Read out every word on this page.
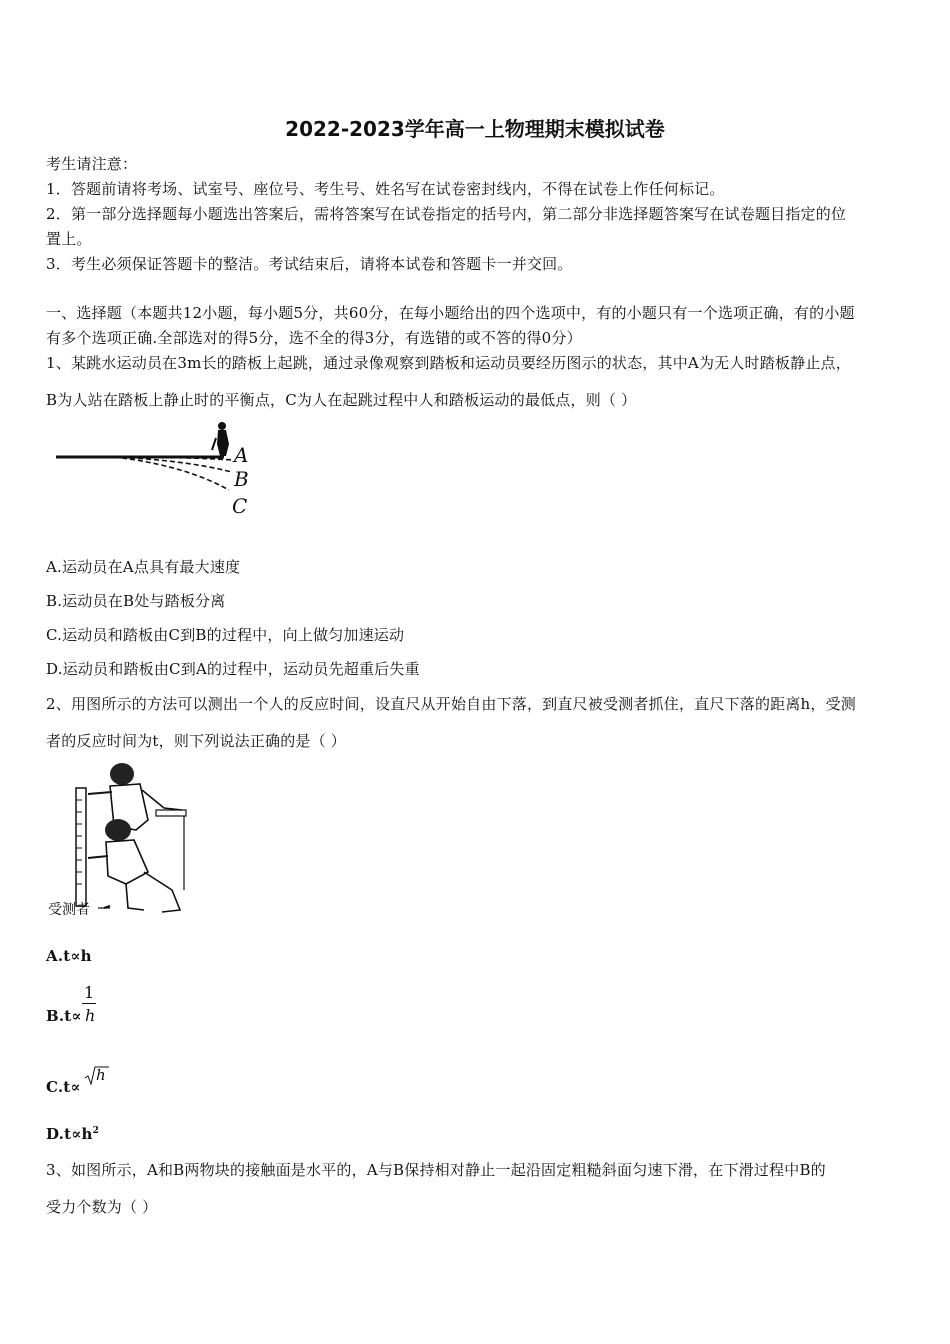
2022-2023学年高一上物理期末模拟试卷
考生请注意：
1．答题前请将考场、试室号、座位号、考生号、姓名写在试卷密封线内，不得在试卷上作任何标记。
2．第一部分选择题每小题选出答案后，需将答案写在试卷指定的括号内，第二部分非选择题答案写在试卷题目指定的位
置上。
3．考生必须保证答题卡的整洁。考试结束后，请将本试卷和答题卡一并交回。
一、选择题（本题共12小题，每小题5分，共60分，在每小题给出的四个选项中，有的小题只有一个选项正确，有的小题
有多个选项正确.全部选对的得5分，选不全的得3分，有选错的或不答的得0分）
1、某跳水运动员在3m长的踏板上起跳，通过录像观察到踏板和运动员要经历图示的状态，其中A为无人时踏板静止点，
B为人站在踏板上静止时的平衡点，C为人在起跳过程中人和踏板运动的最低点，则（ ）
A
B
C
A.运动员在A点具有最大速度
B.运动员在B处与踏板分离
C.运动员和踏板由C到B的过程中，向上做匀加速运动
D.运动员和踏板由C到A的过程中，运动员先超重后失重
2、用图所示的方法可以测出一个人的反应时间，设直尺从开始自由下落，到直尺被受测者抓住，直尺下落的距离h，受测
者的反应时间为t，则下列说法正确的是（ ）
受测者
A.t∝h
B.t∝
1
h
C.t∝
h
$D.t\propto h^2$
3、如图所示，A和B两物块的接触面是水平的，A与B保持相对静止一起沿固定粗糙斜面匀速下滑，在下滑过程中B的
受力个数为（ ）
